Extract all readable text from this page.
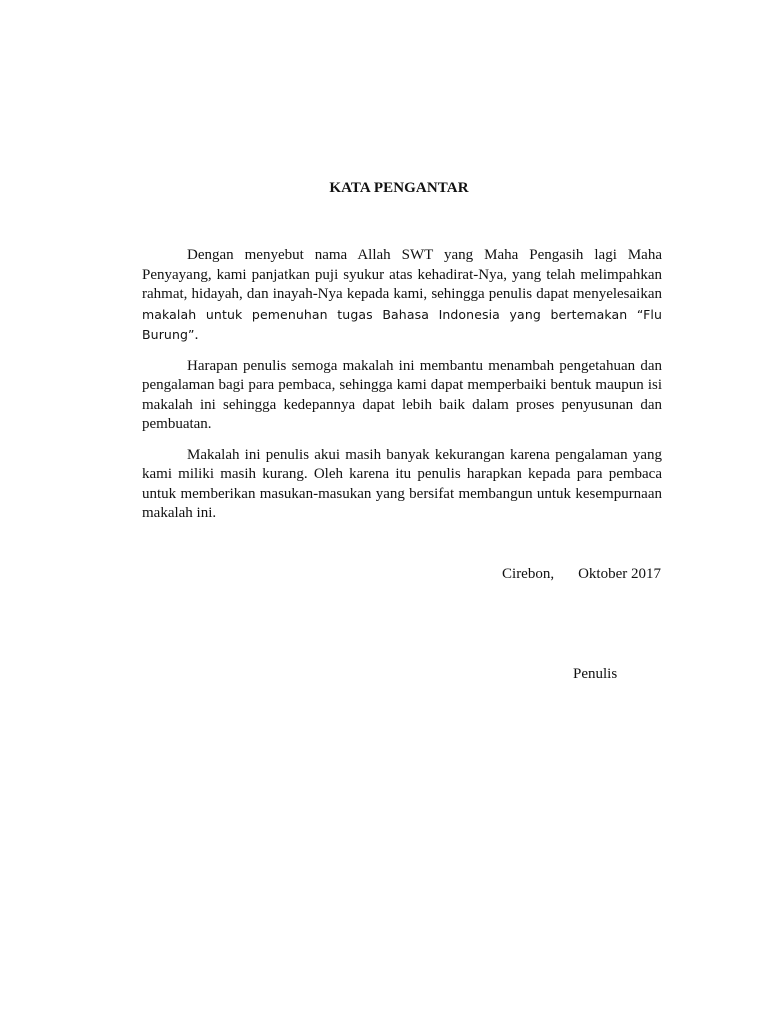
KATA PENGANTAR

Dengan menyebut nama Allah SWT yang Maha Pengasih lagi Maha Penyayang, kami panjatkan puji syukur atas kehadirat-Nya, yang telah melimpahkan rahmat, hidayah, dan inayah-Nya kepada kami, sehingga penulis dapat menyelesaikan makalah untuk pemenuhan tugas Bahasa Indonesia yang bertemakan “Flu Burung”.

Harapan penulis semoga makalah ini membantu menambah pengetahuan dan pengalaman bagi para pembaca, sehingga kami dapat memperbaiki bentuk maupun isi makalah ini sehingga kedepannya dapat lebih baik dalam proses penyusunan dan pembuatan.

Makalah ini penulis akui masih banyak kekurangan karena pengalaman yang kami miliki masih kurang. Oleh karena itu penulis harapkan kepada para pembaca untuk memberikan masukan-masukan yang bersifat membangun untuk kesempurnaan makalah ini.

Cirebon, Oktober 2017
Penulis
